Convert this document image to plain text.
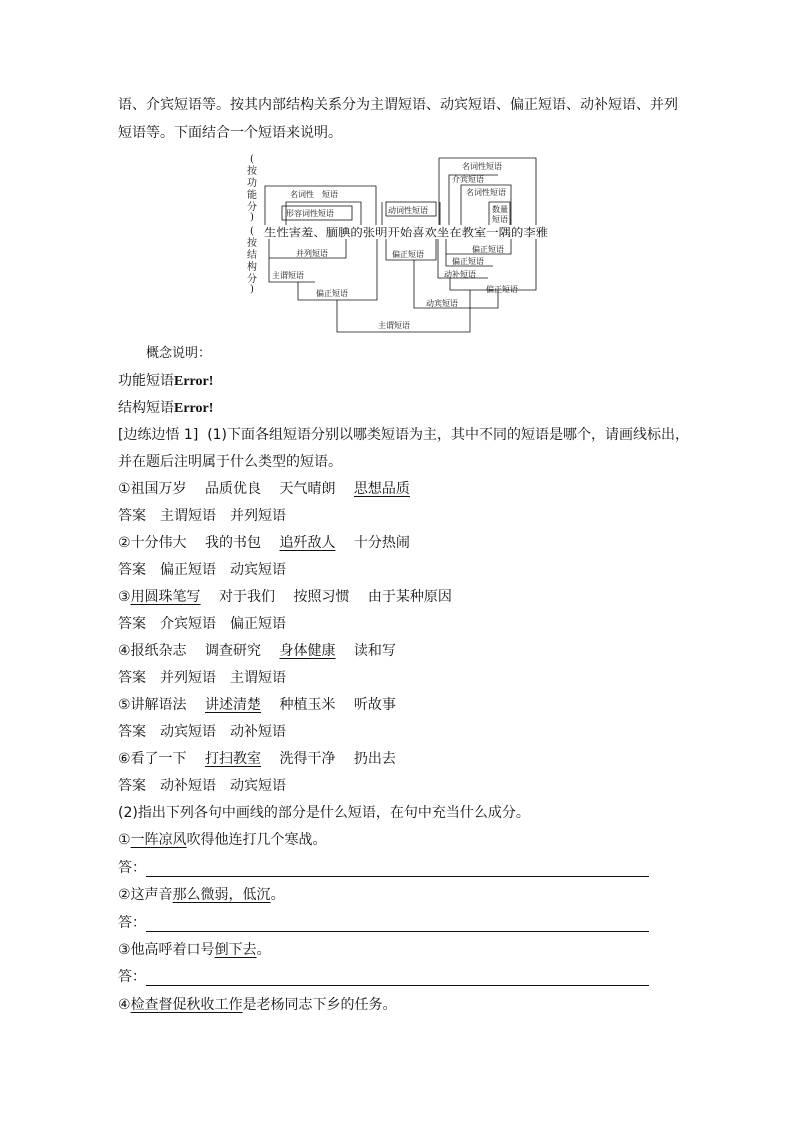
语、介宾短语等。按其内部结构关系分为主谓短语、动宾短语、偏正短语、动补短语、并列
短语等。下面结合一个短语来说明。
(
按
功
能
分
)
(
按
结
构
分
)
生性害羞、腼腆的张明开始喜欢坐在教室一隅的李雅
名词性 短语
形容词性短语
并列短语
主谓短语
偏正短语
主谓短语
动词性短语
偏正短语
动宾短语
名词性短语
介宾短语
名词性短语
数量
短语
偏正短语
偏正短语
动补短语
偏正短语
概念说明：
功能短语Error!
结构短语Error!
[边练边悟 1] (1)下面各组短语分别以哪类短语为主，其中不同的短语是哪个，请画线标出，
并在题后注明属于什么类型的短语。
①祖国万岁　 品质优良　 天气晴朗　 思想品质
答案　 主谓短语　 并列短语
②十分伟大　 我的书包　 追歼敌人　 十分热闹
答案　 偏正短语　 动宾短语
③用圆珠笔写　 对于我们　 按照习惯　 由于某种原因
答案　 介宾短语　 偏正短语
④报纸杂志　 调查研究　 身体健康　 读和写
答案　 并列短语　 主谓短语
⑤讲解语法　 讲述清楚　 种植玉米　 听故事
答案　 动宾短语　 动补短语
⑥看了一下　 打扫教室　 洗得干净　 扔出去
答案　 动补短语　 动宾短语
(2)指出下列各句中画线的部分是什么短语，在句中充当什么成分。
①一阵凉风吹得他连打几个寒战。
答：
②这声音那么微弱，低沉。
答：
③他高呼着口号倒下去。
答：
④检查督促秋收工作是老杨同志下乡的任务。
